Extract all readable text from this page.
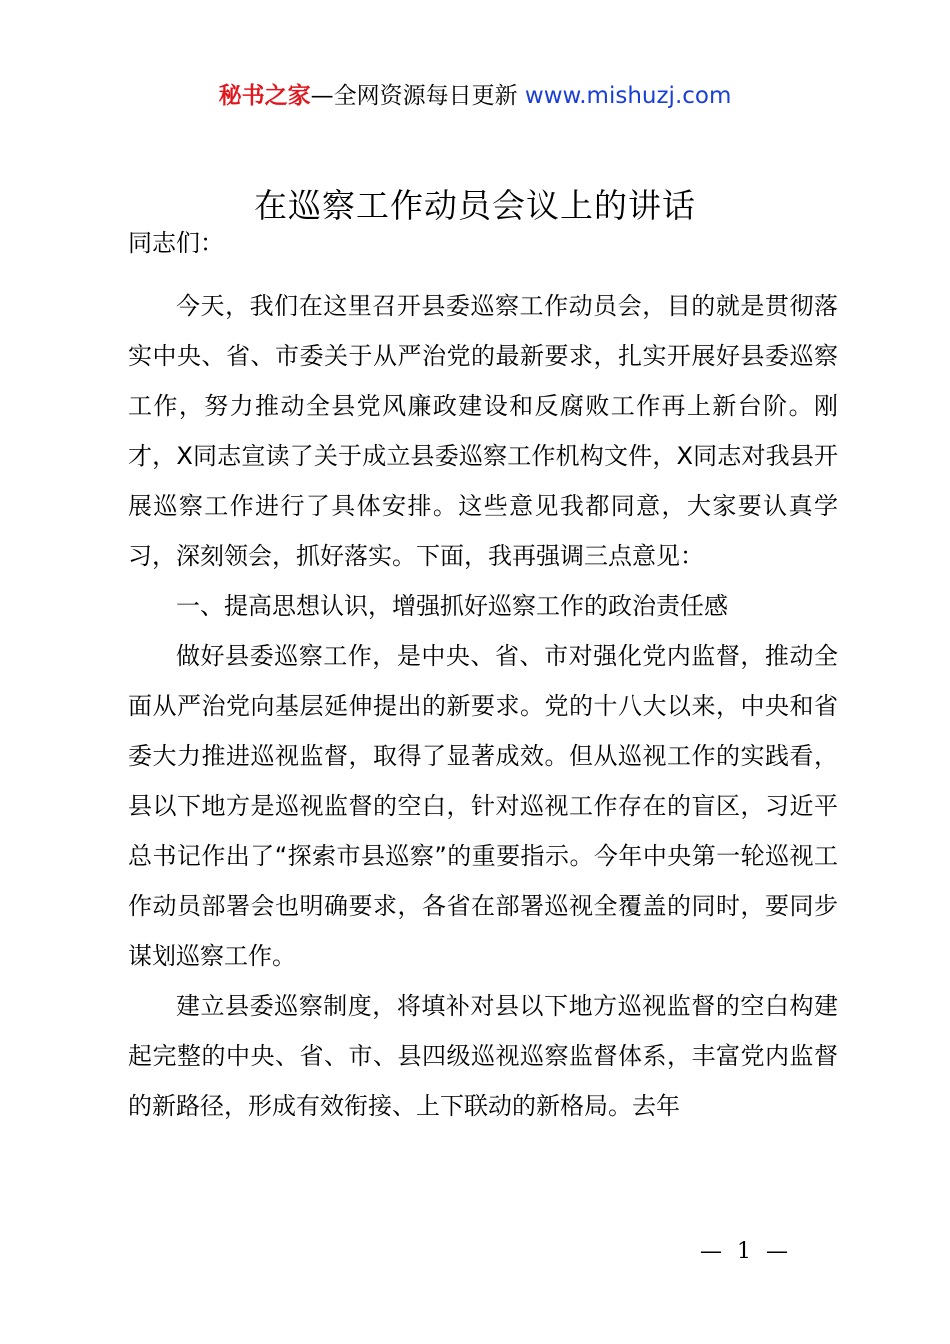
秘书之家—全网资源每日更新 www.mishuzj.com
在巡察工作动员会议上的讲话
同志们：

今天，我们在这里召开县委巡察工作动员会，目的就是贯彻落实中央、省、市委关于从严治党的最新要求，扎实开展好县委巡察工作，努力推动全县党风廉政建设和反腐败工作再上新台阶。刚才，X同志宣读了关于成立县委巡察工作机构文件，X同志对我县开展巡察工作进行了具体安排。这些意见我都同意，大家要认真学习，深刻领会，抓好落实。下面，我再强调三点意见：

一、提高思想认识，增强抓好巡察工作的政治责任感

做好县委巡察工作，是中央、省、市对强化党内监督，推动全面从严治党向基层延伸提出的新要求。党的十八大以来，中央和省委大力推进巡视监督，取得了显著成效。但从巡视工作的实践看，县以下地方是巡视监督的空白，针对巡视工作存在的盲区，习近平总书记作出了“探索市县巡察”的重要指示。今年中央第一轮巡视工作动员部署会也明确要求，各省在部署巡视全覆盖的同时，要同步谋划巡察工作。

建立县委巡察制度，将填补对县以下地方巡视监督的空白构建起完整的中央、省、市、县四级巡视巡察监督体系，丰富党内监督的新路径，形成有效衔接、上下联动的新格局。去年

— 1 —
